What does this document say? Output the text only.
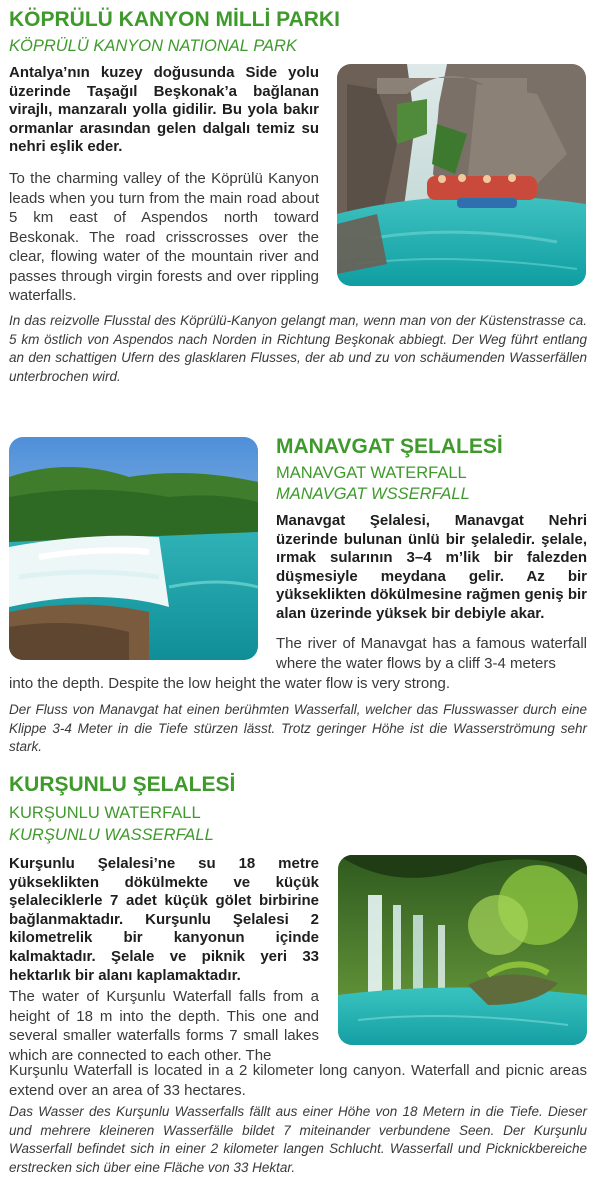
KÖPRÜLÜ KANYON MİLLİ PARKI
KÖPRÜLÜ KANYON NATIONAL PARK

Antalya’nın kuzey doğusunda Side yolu üzerinde Taşağıl Beşkonak’a bağlanan virajlı, manzaralı yolla gidilir. Bu yola bakır ormanlar arasından gelen dalgalı temiz su nehri eşlik eder.

To the charming valley of the Köprülü Kanyon leads when you turn from the main road about 5 km east of Aspendos north toward Beskonak. The road crisscrosses over the clear, flowing water of the mountain river and passes through virgin forests and over rippling waterfalls.

In das reizvolle Flusstal des Köprülü-Kanyon gelangt man, wenn man von der Küstenstrasse ca. 5 km östlich von Aspendos nach Norden in Richtung Beşkonak abbiegt. Der Weg führt entlang an den schattigen Ufern des glasklaren Flusses, der ab und zu von schäumenden Wasserfällen unterbrochen wird.

MANAVGAT ŞELALESİ
MANAVGAT WATERFALL
MANAVGAT WSSERFALL

Manavgat Şelalesi, Manavgat Nehri üzerinde bulunan ünlü bir şelaledir. şelale, ırmak sularının 3–4 m’lik bir falezden düşmesiyle meydana gelir. Az bir yükseklikten dökülmesine rağmen geniş bir alan üzerinde yüksek bir debiyle akar.

The river of Manavgat has a famous waterfall where the water flows by a cliff 3-4 meters

into the depth. Despite the low height the water flow is very strong.

Der Fluss von Manavgat hat einen berühmten Wasserfall, welcher das Flusswasser durch eine Klippe 3-4 Meter in die Tiefe stürzen lässt. Trotz geringer Höhe ist die Wasserströmung sehr stark.

KURŞUNLU ŞELALESİ
KURŞUNLU WATERFALL
KURŞUNLU WASSERFALL

Kurşunlu Şelalesi’ne su 18 metre yükseklikten dökülmekte ve küçük şelaleciklerle 7 adet küçük gölet birbirine bağlanmaktadır. Kurşunlu Şelalesi 2 kilometrelik bir kanyonun içinde kalmaktadır. Şelale ve piknik yeri 33 hektarlık bir alanı kaplamaktadır.

The water of Kurşunlu Waterfall falls from a height of 18 m into the depth. This one and several smaller waterfalls forms 7 small lakes which are connected to each other. The

Kurşunlu Waterfall is located in a 2 kilometer long canyon. Waterfall and picnic areas extend over an area of 33 hectares.

Das Wasser des Kurşunlu Wasserfalls fällt aus einer Höhe von 18 Metern in die Tiefe. Dieser und mehrere kleineren Wasserfälle bildet 7 miteinander verbundene Seen. Der Kurşunlu Wasserfall befindet sich in einer 2 kilometer langen Schlucht. Wasserfall und Picknickbereiche erstrecken sich über eine Fläche von 33 Hektar.
